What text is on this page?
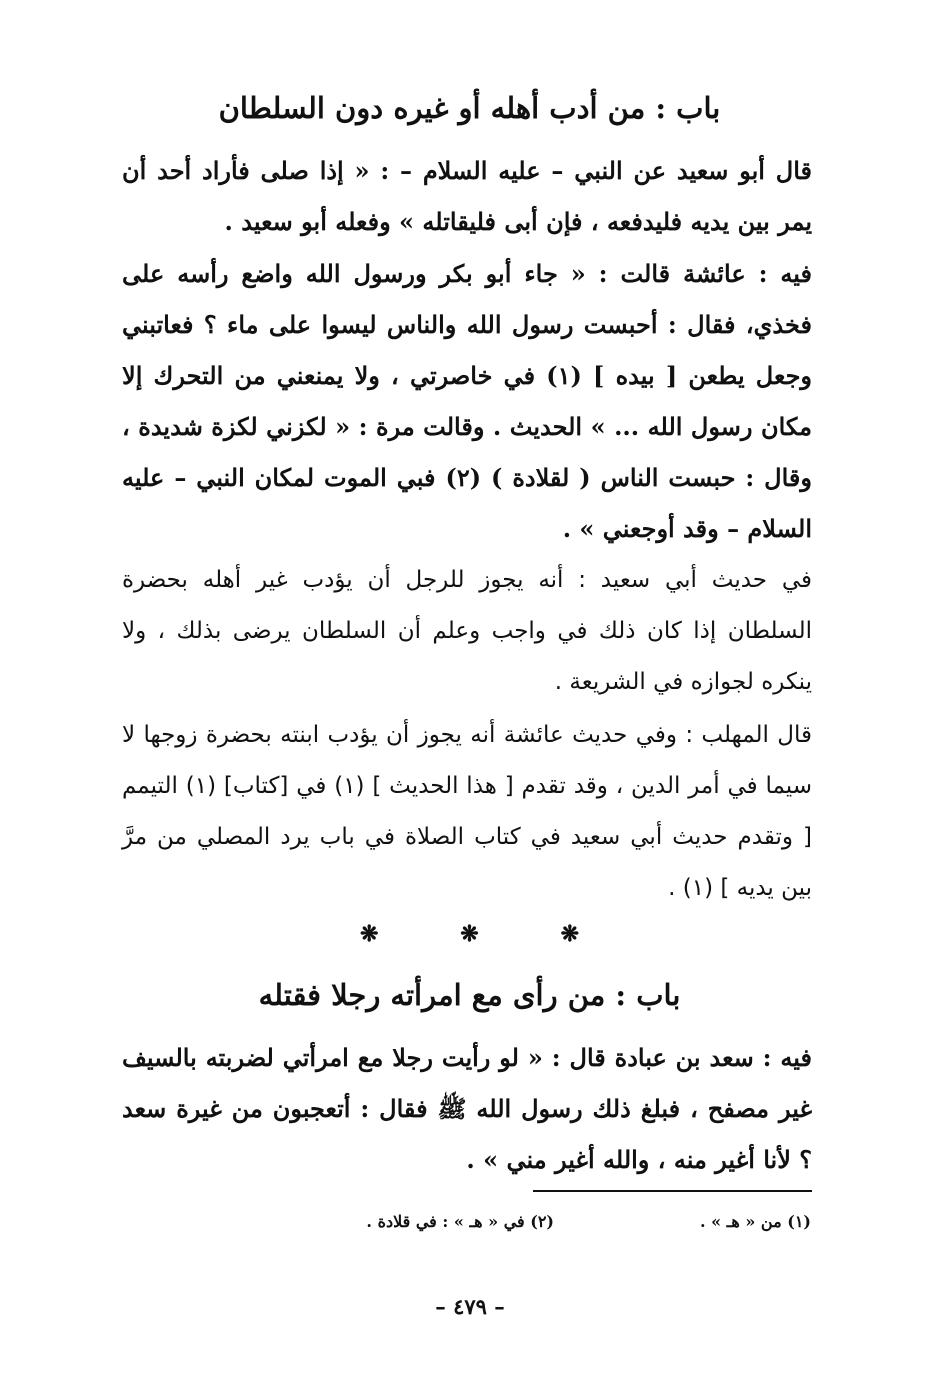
باب : من أدب أهله أو غيره دون السلطان
قال أبو سعيد عن النبي – عليه السلام – : « إذا صلى فأراد أحد أن يمر بين يديه فليدفعه ، فإن أبى فليقاتله » وفعله أبو سعيد .
فيه : عائشة قالت : « جاء أبو بكر ورسول الله واضع رأسه على فخذي، فقال : أحبست رسول الله والناس ليسوا على ماء ؟ فعاتبني وجعل يطعن [ بيده ] (١) في خاصرتي ، ولا يمنعني من التحرك إلا مكان رسول الله ... » الحديث . وقالت مرة : « لكزني لكزة شديدة ، وقال : حبست الناس ( لقلادة ) (٢) فبي الموت لمكان النبي – عليه السلام – وقد أوجعني » .
في حديث أبي سعيد : أنه يجوز للرجل أن يؤدب غير أهله بحضرة السلطان إذا كان ذلك في واجب وعلم أن السلطان يرضى بذلك ، ولا ينكره لجوازه في الشريعة .
قال المهلب : وفي حديث عائشة أنه يجوز أن يؤدب ابنته بحضرة زوجها لا سيما في أمر الدين ، وقد تقدم [ هذا الحديث ] (١) في [كتاب] (١) التيمم [ وتقدم حديث أبي سعيد في كتاب الصلاة في باب يرد المصلي من مرَّ بين يديه ] (١) .
❋	❋	❋
باب : من رأى مع امرأته رجلا فقتله
فيه : سعد بن عبادة قال : « لو رأيت رجلا مع امرأتي لضربته بالسيف غير مصفح ، فبلغ ذلك رسول الله ﷺ فقال : أتعجبون من غيرة سعد ؟ لأنا أغير منه ، والله أغير مني » .
(١) من « هـ » .
(٢) في « هـ » : في قلادة .
– ٤٧٩ –
